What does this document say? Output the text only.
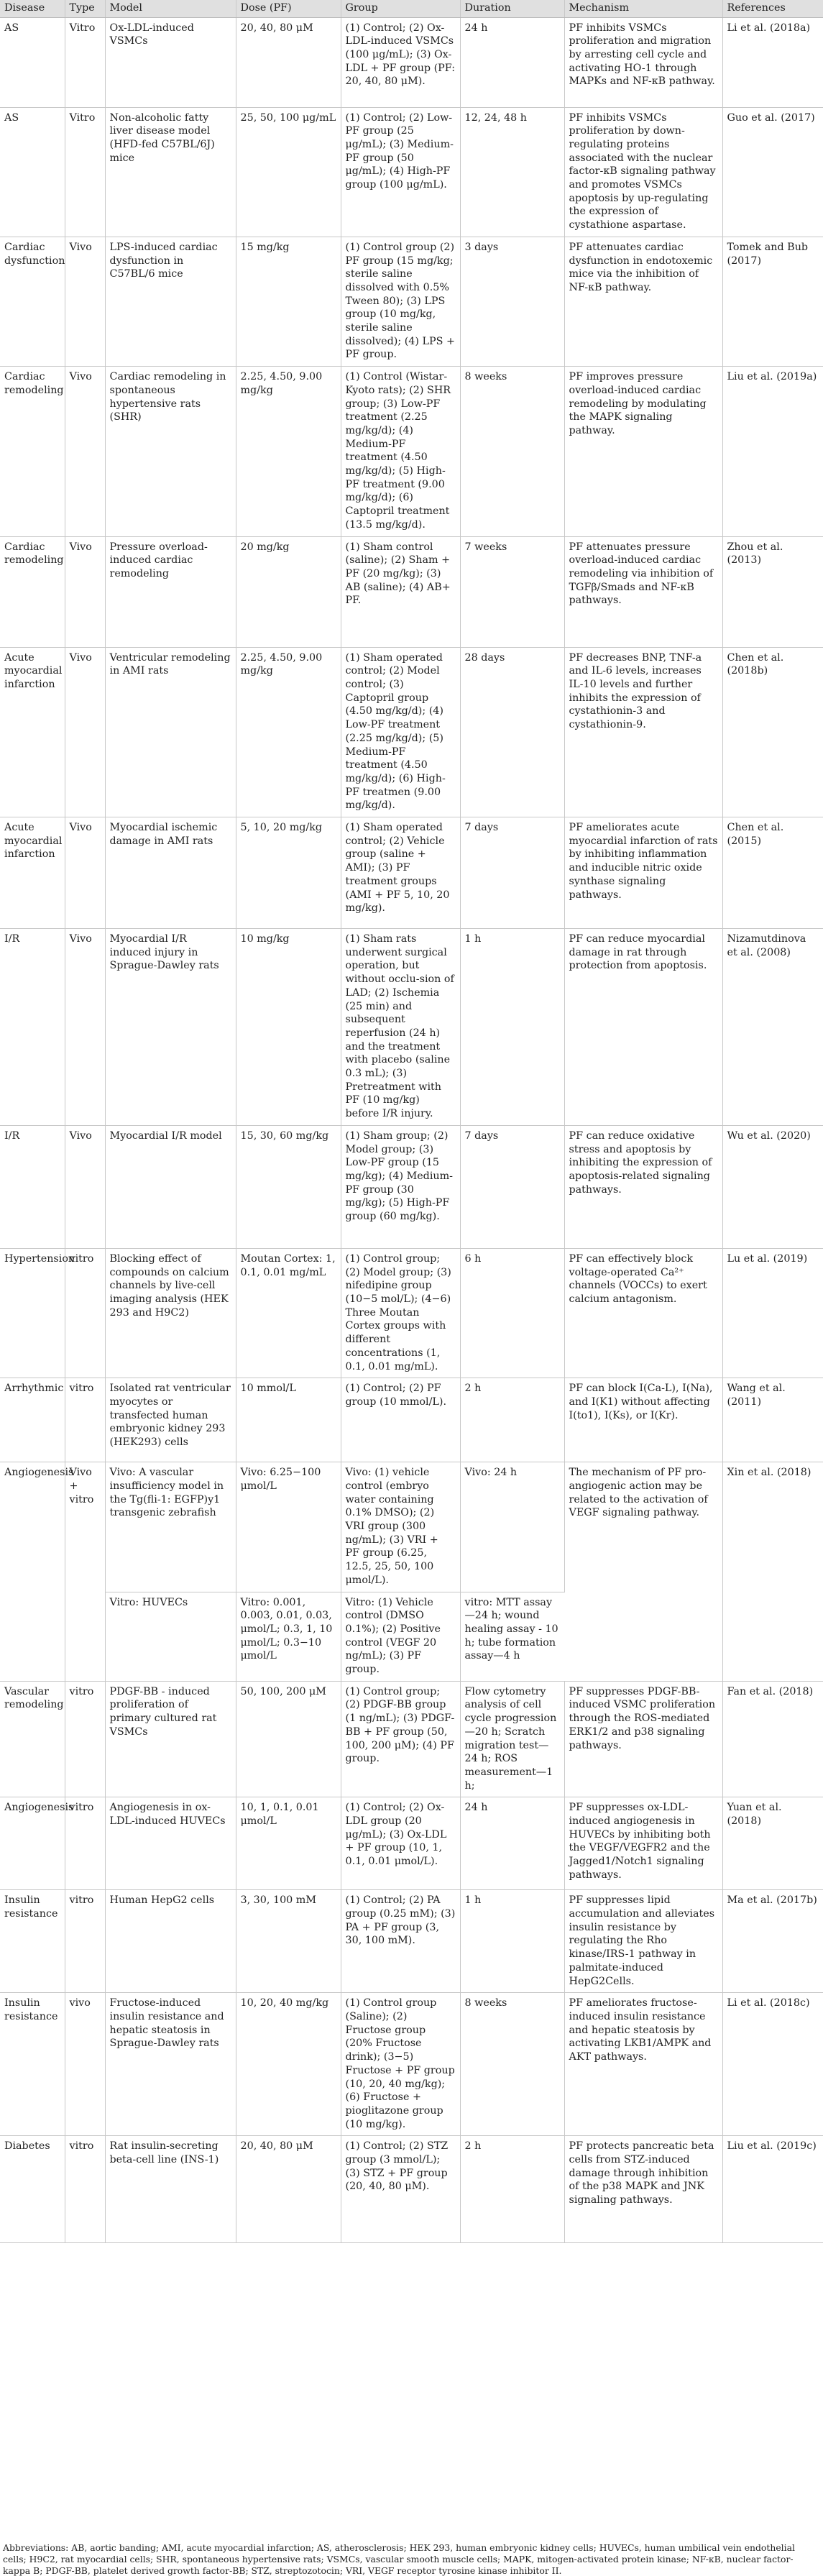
Disease	Type	Model	Dose (PF)	Group	Duration	Mechanism	References
AS	Vitro	Ox-LDL-induced VSMCs	20, 40, 80 μM	(1) Control; (2) Ox-LDL-induced VSMCs (100 μg/mL); (3) Ox-LDL + PF group (PF: 20, 40, 80 μM).	24 h	PF inhibits VSMCs proliferation and migration by arresting cell cycle and activating HO-1 through MAPKs and NF-κB pathway.	Li et al. (2018a)
AS	Vitro	Non-alcoholic fatty liver disease model (HFD-fed C57BL/6J) mice	25, 50, 100 μg/mL	(1) Control; (2) Low-PF group (25 μg/mL); (3) Medium-PF group (50 μg/mL); (4) High-PF group (100 μg/mL).	12, 24, 48 h	PF inhibits VSMCs proliferation by down-regulating proteins associated with the nuclear factor-κB signaling pathway and promotes VSMCs apoptosis by up-regulating the expression of cystathione aspartase.	Guo et al. (2017)
Cardiac dysfunction	Vivo	LPS-induced cardiac dysfunction in C57BL/6 mice	15 mg/kg	(1) Control group (2) PF group (15 mg/kg; sterile saline dissolved with 0.5% Tween 80); (3) LPS group (10 mg/kg, sterile saline dissolved); (4) LPS + PF group.	3 days	PF attenuates cardiac dysfunction in endotoxemic mice via the inhibition of NF-κB pathway.	Tomek and Bub (2017)
Cardiac remodeling	Vivo	Cardiac remodeling in spontaneous hypertensive rats (SHR)	2.25, 4.50, 9.00 mg/kg	(1) Control (Wistar-Kyoto rats); (2) SHR group; (3) Low-PF treatment (2.25 mg/kg/d); (4) Medium-PF treatment (4.50 mg/kg/d); (5) High-PF treatment (9.00 mg/kg/d); (6) Captopril treatment (13.5 mg/kg/d).	8 weeks	PF improves pressure overload-induced cardiac remodeling by modulating the MAPK signaling pathway.	Liu et al. (2019a)
Cardiac remodeling	Vivo	Pressure overload-induced cardiac remodeling	20 mg/kg	(1) Sham control (saline); (2) Sham + PF (20 mg/kg); (3) AB (saline); (4) AB+ PF.	7 weeks	PF attenuates pressure overload-induced cardiac remodeling via inhibition of TGFβ/Smads and NF-κB pathways.	Zhou et al. (2013)
Acute myocardial infarction	Vivo	Ventricular remodeling in AMI rats	2.25, 4.50, 9.00 mg/kg	(1) Sham operated control; (2) Model control; (3) Captopril group (4.50 mg/kg/d); (4) Low-PF treatment (2.25 mg/kg/d); (5) Medium-PF treatment (4.50 mg/kg/d); (6) High-PF treatmen (9.00 mg/kg/d).	28 days	PF decreases BNP, TNF-a and IL-6 levels, increases IL-10 levels and further inhibits the expression of cystathionin-3 and cystathionin-9.	Chen et al. (2018b)
Acute myocardial infarction	Vivo	Myocardial ischemic damage in AMI rats	5, 10, 20 mg/kg	(1) Sham operated control; (2) Vehicle group (saline + AMI); (3) PF treatment groups (AMI + PF 5, 10, 20 mg/kg).	7 days	PF ameliorates acute myocardial infarction of rats by inhibiting inflammation and inducible nitric oxide synthase signaling pathways.	Chen et al. (2015)
I/R	Vivo	Myocardial I/R induced injury in Sprague-Dawley rats	10 mg/kg	(1) Sham rats underwent surgical operation, but without occlu-sion of LAD; (2) Ischemia (25 min) and subsequent reperfusion (24 h) and the treatment with placebo (saline 0.3 mL); (3) Pretreatment with PF (10 mg/kg) before I/R injury.	1 h	PF can reduce myocardial damage in rat through protection from apoptosis.	Nizamutdinova et al. (2008)
I/R	Vivo	Myocardial I/R model	15, 30, 60 mg/kg	(1) Sham group; (2) Model group; (3) Low-PF group (15 mg/kg); (4) Medium-PF group (30 mg/kg); (5) High-PF group (60 mg/kg).	7 days	PF can reduce oxidative stress and apoptosis by inhibiting the expression of apoptosis-related signaling pathways.	Wu et al. (2020)
Hypertension	vitro	Blocking effect of compounds on calcium channels by live-cell imaging analysis (HEK 293 and H9C2)	Moutan Cortex: 1, 0.1, 0.01 mg/mL	(1) Control group; (2) Model group; (3) nifedipine group (10−5 mol/L); (4−6) Three Moutan Cortex groups with different concentrations (1, 0.1, 0.01 mg/mL).	6 h	PF can effectively block voltage-operated Ca²⁺ channels (VOCCs) to exert calcium antagonism.	Lu et al. (2019)
Arrhythmic	vitro	Isolated rat ventricular myocytes or transfected human embryonic kidney 293 (HEK293) cells	10 mmol/L	(1) Control; (2) PF group (10 mmol/L).	2 h	PF can block I(Ca-L), I(Na), and I(K1) without affecting I(to1), I(Ks), or I(Kr).	Wang et al. (2011)
Angiogenesis	Vivo + vitro	Vivo: A vascular insufficiency model in the Tg(fli-1: EGFP)y1 transgenic zebrafish	Vivo: 6.25−100 μmol/L	Vivo: (1) vehicle control (embryo water containing 0.1% DMSO); (2) VRI group (300 ng/mL); (3) VRI + PF group (6.25, 12.5, 25, 50, 100 μmol/L).	Vivo: 24 h	The mechanism of PF pro-angiogenic action may be related to the activation of VEGF signaling pathway.	Xin et al. (2018)
		Vitro: HUVECs	Vitro: 0.001, 0.003, 0.01, 0.03, μmol/L; 0.3, 1, 10 μmol/L; 0.3−10 μmol/L	Vitro: (1) Vehicle control (DMSO 0.1%); (2) Positive control (VEGF 20 ng/mL); (3) PF group.	vitro: MTT assay—24 h; wound healing assay - 10 h; tube formation assay—4 h		
Vascular remodeling	vitro	PDGF-BB - induced proliferation of primary cultured rat VSMCs	50, 100, 200 μM	(1) Control group; (2) PDGF-BB group (1 ng/mL); (3) PDGF-BB + PF group (50, 100, 200 μM); (4) PF group.	Flow cytometry analysis of cell cycle progression—20 h; Scratch migration test—24 h; ROS measurement—1 h;	PF suppresses PDGF-BB-induced VSMC proliferation through the ROS-mediated ERK1/2 and p38 signaling pathways.	Fan et al. (2018)
Angiogenesis	vitro	Angiogenesis in ox-LDL-induced HUVECs	10, 1, 0.1, 0.01 μmol/L	(1) Control; (2) Ox-LDL group (20 μg/mL); (3) Ox-LDL + PF group (10, 1, 0.1, 0.01 μmol/L).	24 h	PF suppresses ox-LDL-induced angiogenesis in HUVECs by inhibiting both the VEGF/VEGFR2 and the Jagged1/Notch1 signaling pathways.	Yuan et al. (2018)
Insulin resistance	vitro	Human HepG2 cells	3, 30, 100 mM	(1) Control; (2) PA group (0.25 mM); (3) PA + PF group (3, 30, 100 mM).	1 h	PF suppresses lipid accumulation and alleviates insulin resistance by regulating the Rho kinase/IRS-1 pathway in palmitate-induced HepG2Cells.	Ma et al. (2017b)
Insulin resistance	vivo	Fructose-induced insulin resistance and hepatic steatosis in Sprague-Dawley rats	10, 20, 40 mg/kg	(1) Control group (Saline); (2) Fructose group (20% Fructose drink); (3−5) Fructose + PF group (10, 20, 40 mg/kg); (6) Fructose + pioglitazone group (10 mg/kg).	8 weeks	PF ameliorates fructose-induced insulin resistance and hepatic steatosis by activating LKB1/AMPK and AKT pathways.	Li et al. (2018c)
Diabetes	vitro	Rat insulin-secreting beta-cell line (INS-1)	20, 40, 80 μM	(1) Control; (2) STZ group (3 mmol/L); (3) STZ + PF group (20, 40, 80 μM).	2 h	PF protects pancreatic beta cells from STZ-induced damage through inhibition of the p38 MAPK and JNK signaling pathways.	Liu et al. (2019c)
Abbreviations: AB, aortic banding; AMI, acute myocardial infarction; AS, atherosclerosis; HEK 293, human embryonic kidney cells; HUVECs, human umbilical vein endothelial cells; H9C2, rat myocardial cells; SHR, spontaneous hypertensive rats; VSMCs, vascular smooth muscle cells; MAPK, mitogen-activated protein kinase; NF-κB, nuclear factor-kappa B; PDGF-BB, platelet derived growth factor-BB; STZ, streptozotocin; VRI, VEGF receptor tyrosine kinase inhibitor II.
